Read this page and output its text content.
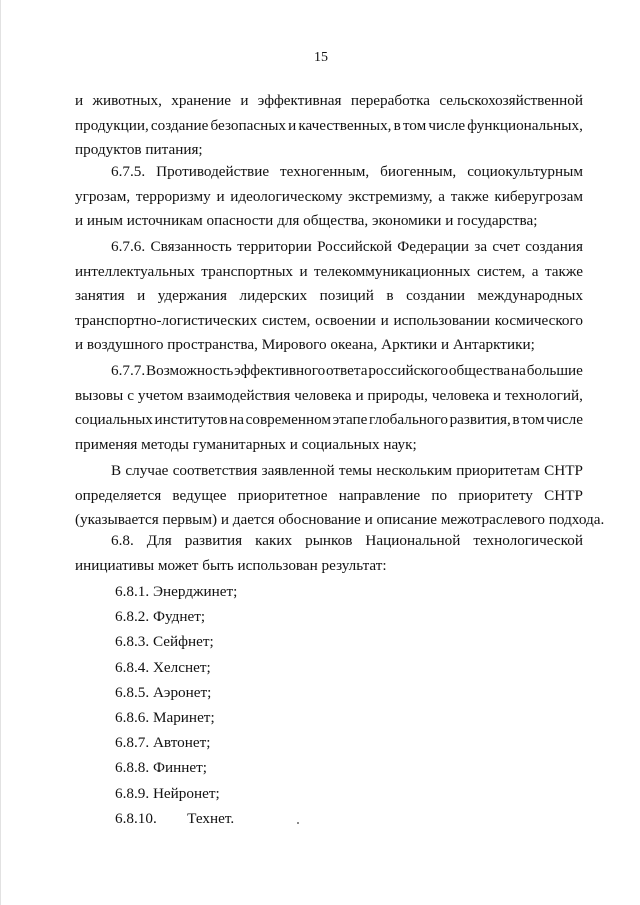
15
и животных, хранение и эффективная переработка сельскохозяйственной
продукции, создание безопасных и качественных, в том числе функциональных,
продуктов питания;
6.7.5. Противодействие техногенным, биогенным, социокультурным
угрозам, терроризму и идеологическому экстремизму, а также киберугрозам
и иным источникам опасности для общества, экономики и государства;
6.7.6. Связанность территории Российской Федерации за счет создания
интеллектуальных транспортных и телекоммуникационных систем, а также
занятия и удержания лидерских позиций в создании международных
транспортно-логистических систем, освоении и использовании космического
и воздушного пространства, Мирового океана, Арктики и Антарктики;
6.7.7. Возможность эффективного ответа российского общества на большие
вызовы с учетом взаимодействия человека и природы, человека и технологий,
социальных институтов на современном этапе глобального развития, в том числе
применяя методы гуманитарных и социальных наук;
В случае соответствия заявленной темы нескольким приоритетам СНТР
определяется ведущее приоритетное направление по приоритету СНТР
(указывается первым) и дается обоснование и описание межотраслевого подхода.
6.8. Для развития каких рынков Национальной технологической
инициативы может быть использован результат:
6.8.1. Энерджинет;
6.8.2. Фуднет;
6.8.3. Сейфнет;
6.8.4. Хелснет;
6.8.5. Аэронет;
6.8.6. Маринет;
6.8.7. Автонет;
6.8.8. Финнет;
6.8.9. Нейронет;
6.8.10.        Технет.
